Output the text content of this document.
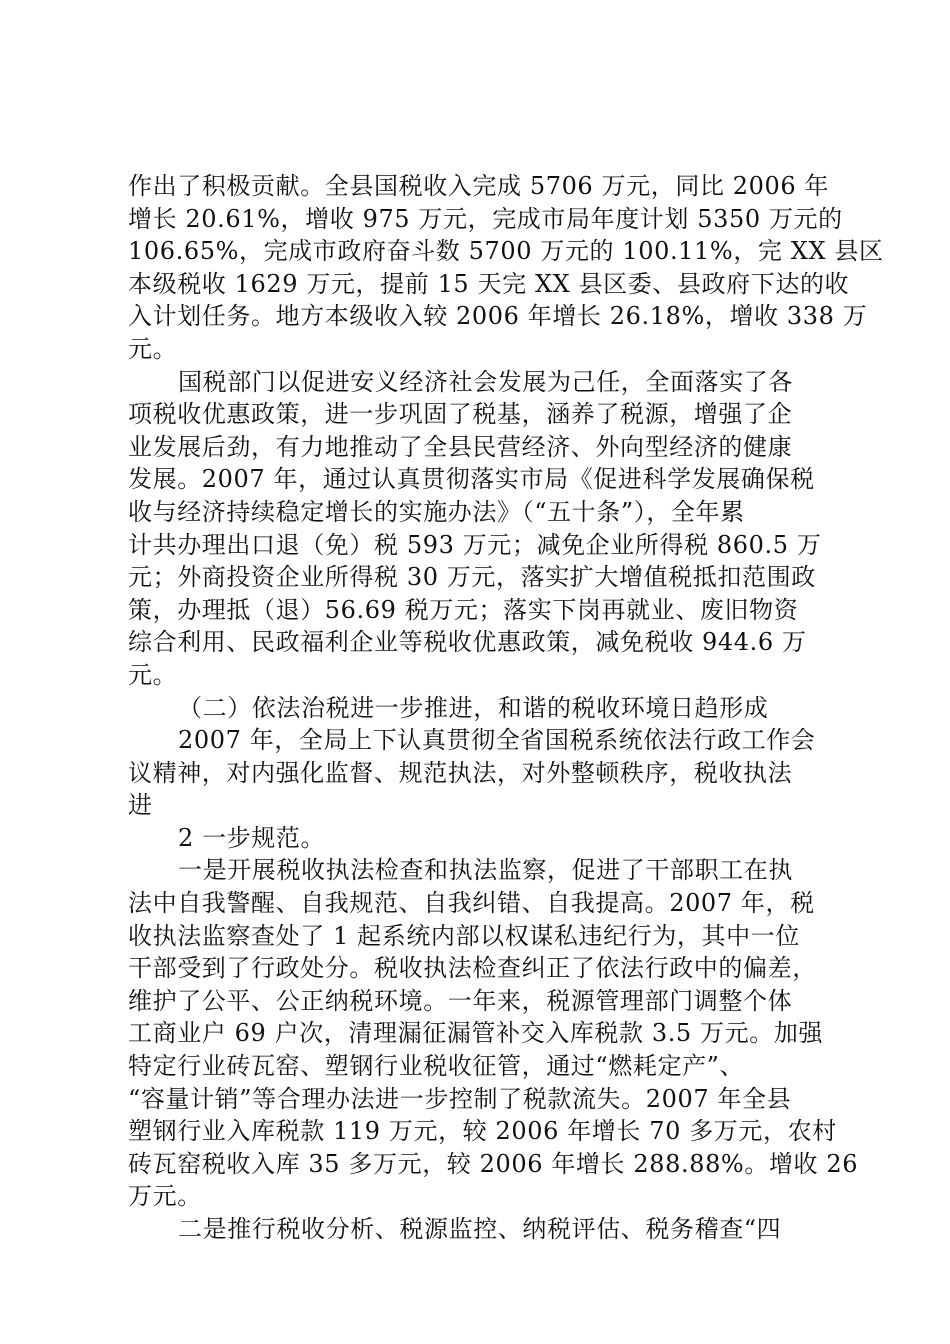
作出了积极贡献。全县国税收入完成 5706 万元，同比 2006 年
增长 20.61%，增收 975 万元，完成市局年度计划 5350 万元的
106.65%，完成市政府奋斗数 5700 万元的 100.11%，完 XX 县区
本级税收 1629 万元，提前 15 天完 XX 县区委、县政府下达的收
入计划任务。地方本级收入较 2006 年增长 26.18%，增收 338 万
元。
国税部门以促进安义经济社会发展为己任，全面落实了各
项税收优惠政策，进一步巩固了税基，涵养了税源，增强了企
业发展后劲，有力地推动了全县民营经济、外向型经济的健康
发展。2007 年，通过认真贯彻落实市局《促进科学发展确保税
收与经济持续稳定增长的实施办法》（“五十条”），全年累
计共办理出口退（免）税 593 万元；减免企业所得税 860.5 万
元；外商投资企业所得税 30 万元，落实扩大增值税抵扣范围政
策，办理抵（退）56.69 税万元；落实下岗再就业、废旧物资
综合利用、民政福利企业等税收优惠政策，减免税收 944.6 万
元。
（二）依法治税进一步推进，和谐的税收环境日趋形成
2007 年，全局上下认真贯彻全省国税系统依法行政工作会
议精神，对内强化监督、规范执法，对外整顿秩序，税收执法
进
2 一步规范。
一是开展税收执法检查和执法监察，促进了干部职工在执
法中自我警醒、自我规范、自我纠错、自我提高。2007 年，税
收执法监察查处了 1 起系统内部以权谋私违纪行为，其中一位
干部受到了行政处分。税收执法检查纠正了依法行政中的偏差，
维护了公平、公正纳税环境。一年来，税源管理部门调整个体
工商业户 69 户次，清理漏征漏管补交入库税款 3.5 万元。加强
特定行业砖瓦窑、塑钢行业税收征管，通过“燃耗定产”、
“容量计销”等合理办法进一步控制了税款流失。2007 年全县
塑钢行业入库税款 119 万元，较 2006 年增长 70 多万元，农村
砖瓦窑税收入库 35 多万元，较 2006 年增长 288.88%。增收 26
万元。
二是推行税收分析、税源监控、纳税评估、税务稽查“四
